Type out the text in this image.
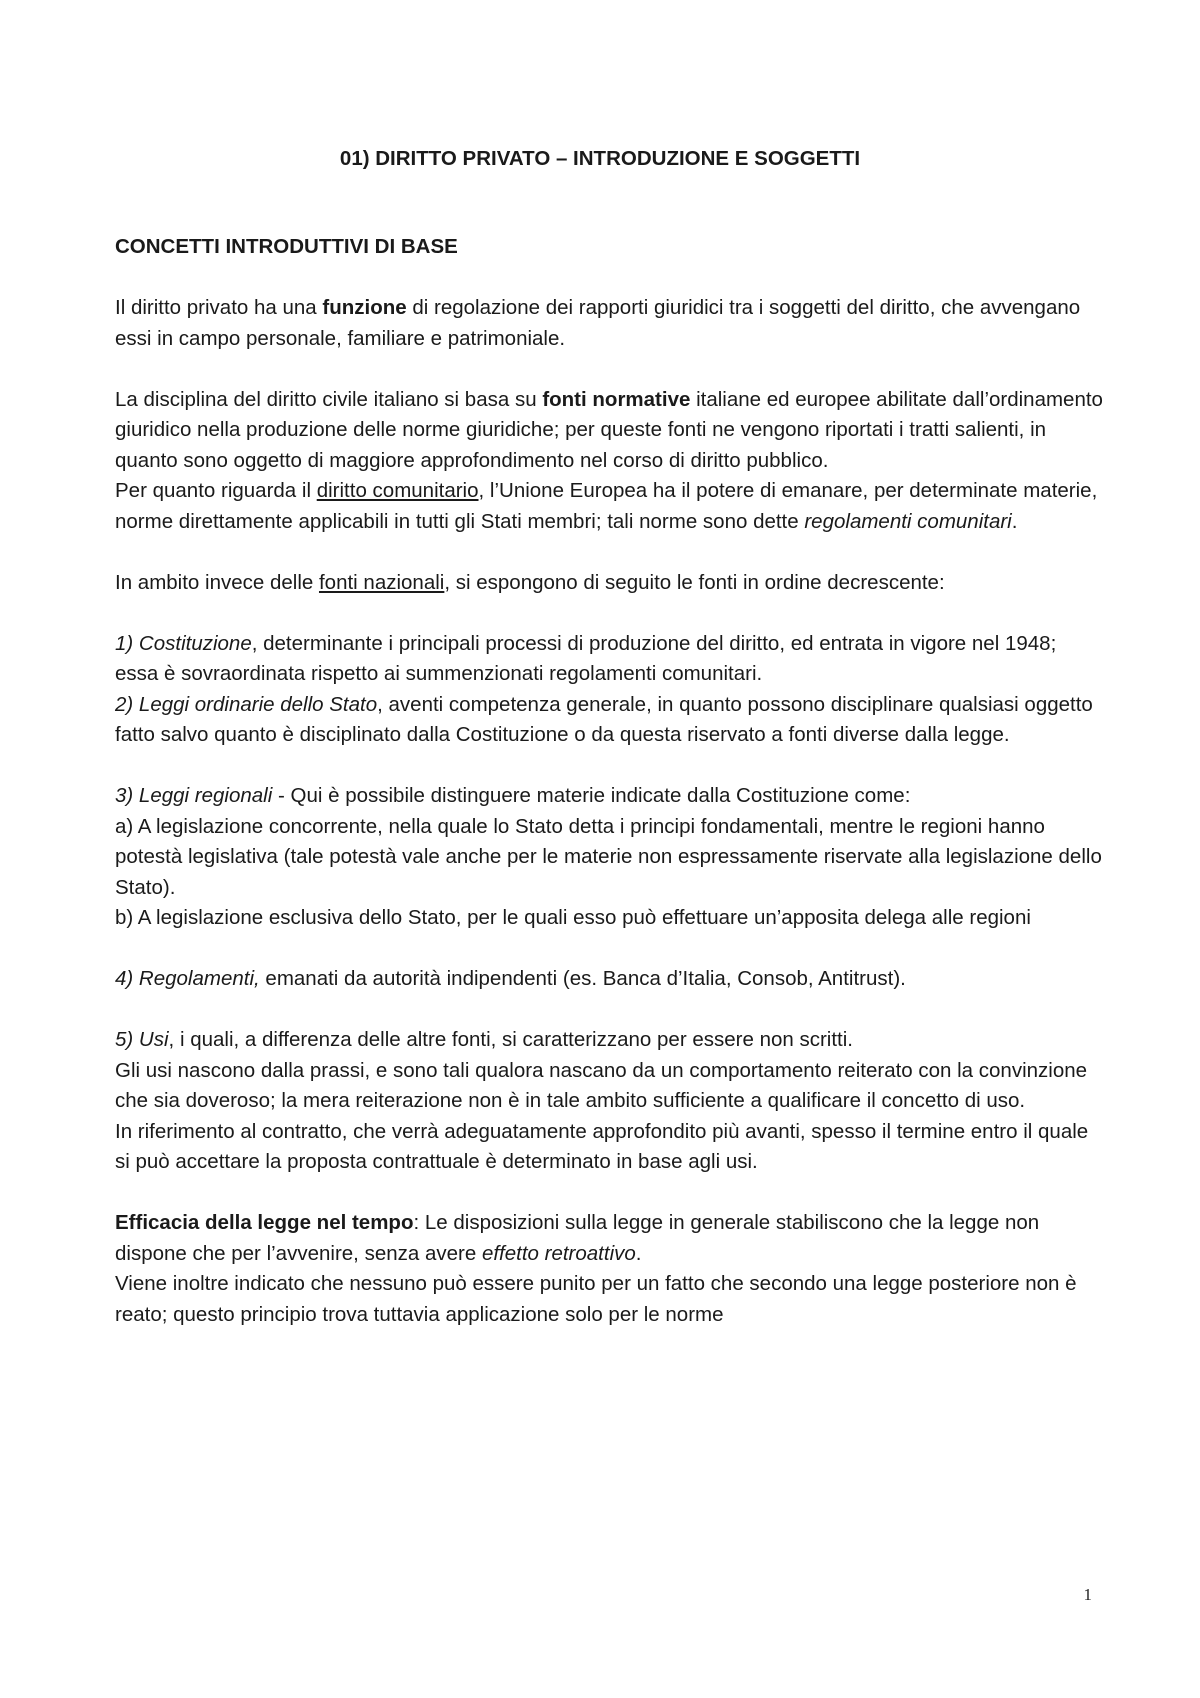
01) DIRITTO PRIVATO – INTRODUZIONE E SOGGETTI

CONCETTI INTRODUTTIVI DI BASE

Il diritto privato ha una funzione di regolazione dei rapporti giuridici tra i soggetti del diritto, che avvengano essi in campo personale, familiare e patrimoniale.

La disciplina del diritto civile italiano si basa su fonti normative italiane ed europee abilitate dall’ordinamento giuridico nella produzione delle norme giuridiche; per queste fonti ne vengono riportati i tratti salienti, in quanto sono oggetto di maggiore approfondimento nel corso di diritto pubblico.

Per quanto riguarda il diritto comunitario, l’Unione Europea ha il potere di emanare, per determinate materie, norme direttamente applicabili in tutti gli Stati membri; tali norme sono dette regolamenti comunitari.

In ambito invece delle fonti nazionali, si espongono di seguito le fonti in ordine decrescente:

1) Costituzione, determinante i principali processi di produzione del diritto, ed entrata in vigore nel 1948; essa è sovraordinata rispetto ai summenzionati regolamenti comunitari.

2) Leggi ordinarie dello Stato, aventi competenza generale, in quanto possono disciplinare qualsiasi oggetto fatto salvo quanto è disciplinato dalla Costituzione o da questa riservato a fonti diverse dalla legge.

3) Leggi regionali - Qui è possibile distinguere materie indicate dalla Costituzione come:

a) A legislazione concorrente, nella quale lo Stato detta i principi fondamentali, mentre le regioni hanno potestà legislativa (tale potestà vale anche per le materie non espressamente riservate alla legislazione dello Stato).

b) A legislazione esclusiva dello Stato, per le quali esso può effettuare un’apposita delega alle regioni

4) Regolamenti, emanati da autorità indipendenti (es. Banca d’Italia, Consob, Antitrust).

5) Usi, i quali, a differenza delle altre fonti, si caratterizzano per essere non scritti.

Gli usi nascono dalla prassi, e sono tali qualora nascano da un comportamento reiterato con la convinzione che sia doveroso; la mera reiterazione non è in tale ambito sufficiente a qualificare il concetto di uso.

In riferimento al contratto, che verrà adeguatamente approfondito più avanti, spesso il termine entro il quale si può accettare la proposta contrattuale è determinato in base agli usi.

Efficacia della legge nel tempo: Le disposizioni sulla legge in generale stabiliscono che la legge non dispone che per l’avvenire, senza avere effetto retroattivo.

Viene inoltre indicato che nessuno può essere punito per un fatto che secondo una legge posteriore non è reato; questo principio trova tuttavia applicazione solo per le norme

1
